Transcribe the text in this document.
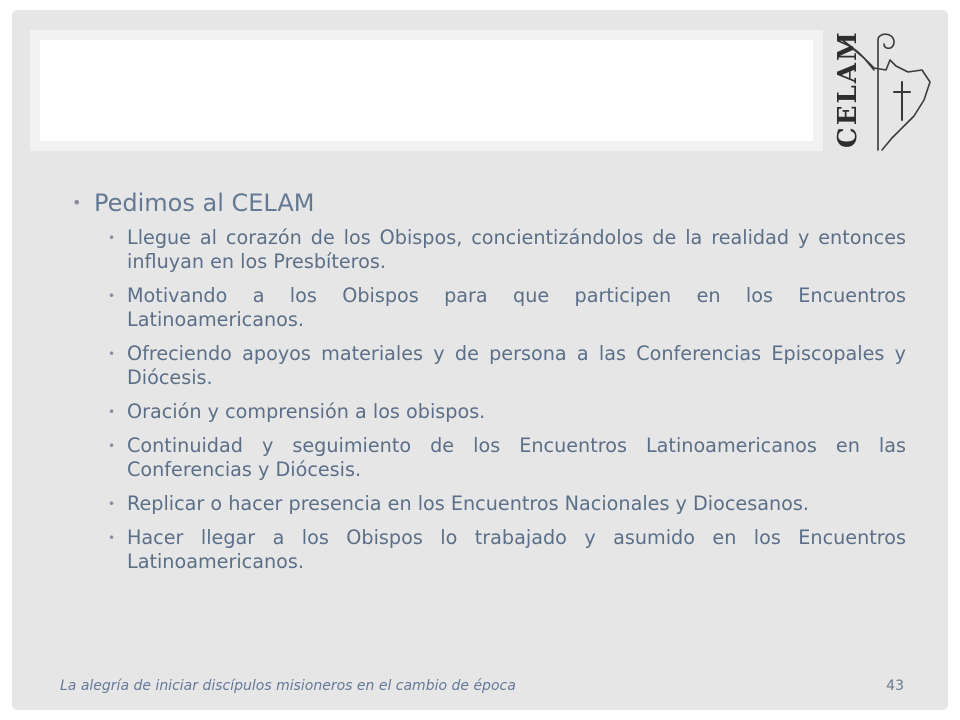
CELAM
• Pedimos al CELAM
• Llegue al corazón de los Obispos, concientizándolos de la realidad y entonces influyan en los Presbíteros.
• Motivando a los Obispos para que participen en los Encuentros Latinoamericanos.
• Ofreciendo apoyos materiales y de persona a las Conferencias Episcopales y Diócesis.
• Oración y comprensión a los obispos.
• Continuidad y seguimiento de los Encuentros Latinoamericanos en las Conferencias y Diócesis.
• Replicar o hacer presencia en los Encuentros Nacionales y Diocesanos.
• Hacer llegar a los Obispos lo trabajado y asumido en los Encuentros Latinoamericanos.
La alegría de iniciar discípulos misioneros en el cambio de época	43
